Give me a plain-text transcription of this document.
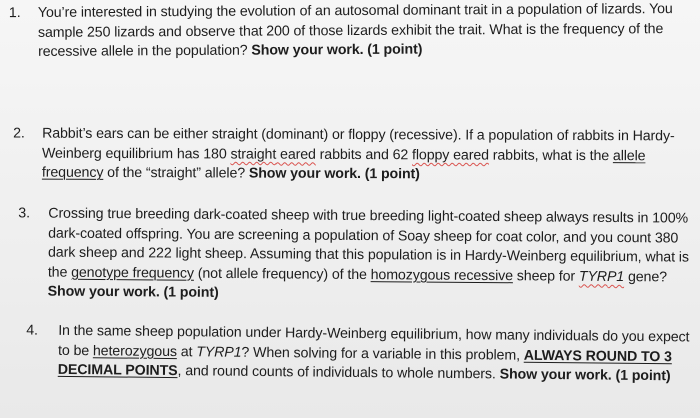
1.	You’re interested in studying the evolution of an autosomal dominant trait in a population of lizards. You sample 250 lizards and observe that 200 of those lizards exhibit the trait. What is the frequency of the recessive allele in the population? Show your work. (1 point)
2.	Rabbit’s ears can be either straight (dominant) or floppy (recessive). If a population of rabbits in Hardy-Weinberg equilibrium has 180 straight eared rabbits and 62 floppy eared rabbits, what is the allele frequency of the “straight” allele? Show your work. (1 point)
3.	Crossing true breeding dark-coated sheep with true breeding light-coated sheep always results in 100% dark-coated offspring. You are screening a population of Soay sheep for coat color, and you count 380 dark sheep and 222 light sheep. Assuming that this population is in Hardy-Weinberg equilibrium, what is the genotype frequency (not allele frequency) of the homozygous recessive sheep for TYRP1 gene? Show your work. (1 point)
4.	In the same sheep population under Hardy-Weinberg equilibrium, how many individuals do you expect to be heterozygous at TYRP1? When solving for a variable in this problem, ALWAYS ROUND TO 3 DECIMAL POINTS, and round counts of individuals to whole numbers. Show your work. (1 point)
